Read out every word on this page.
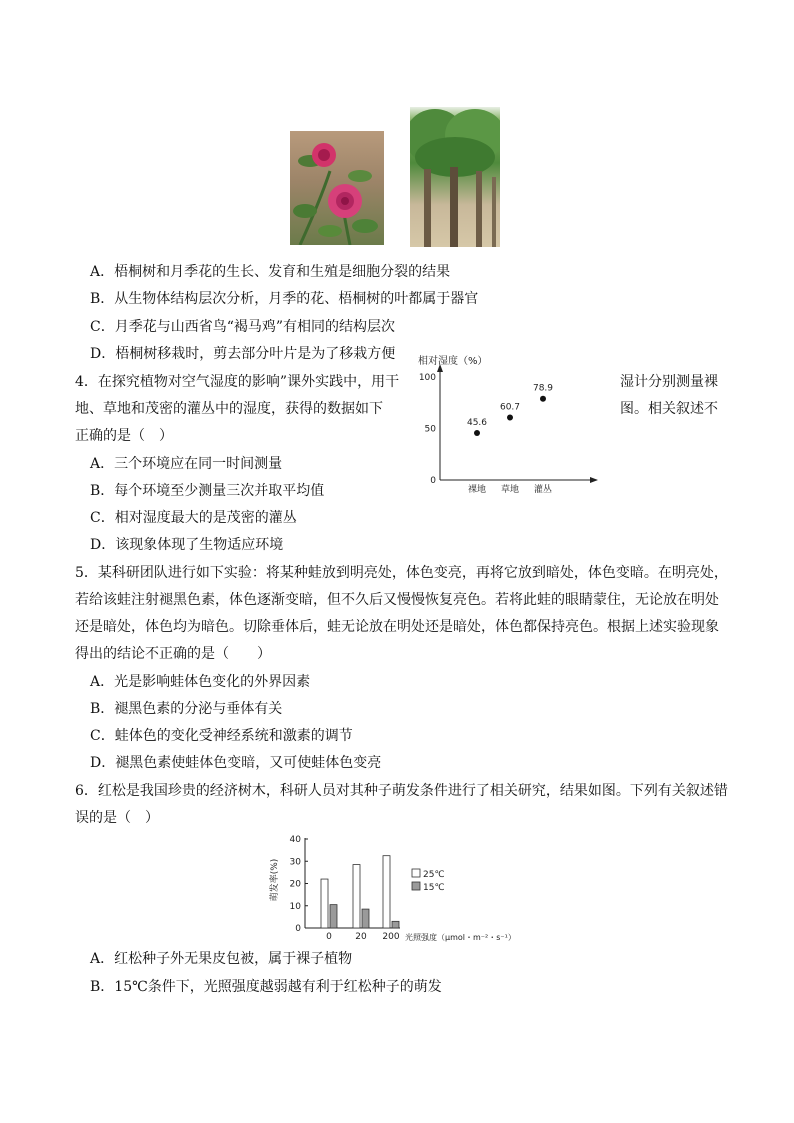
A．梧桐树和月季花的生长、发育和生殖是细胞分裂的结果
B．从生物体结构层次分析，月季的花、梧桐树的叶都属于器官
C．月季花与山西省鸟“褐马鸡”有相同的结构层次
D．梧桐树移栽时，剪去部分叶片是为了移栽方便
4．在探究植物对空气湿度的影响”课外实践中，用干
地、草地和茂密的灌丛中的湿度，获得的数据如下
正确的是（　）
湿计分别测量裸
图。相关叙述不
相对湿度（%）
0
50
100
裸地
45.6
草地
60.7
灌丛
78.9
A．三个环境应在同一时间测量
B．每个环境至少测量三次并取平均值
C．相对湿度最大的是茂密的灌丛
D．该现象体现了生物适应环境
5．某科研团队进行如下实验：将某种蛙放到明亮处，体色变亮，再将它放到暗处，体色变暗。在明亮处，
若给该蛙注射褪黑色素，体色逐渐变暗，但不久后又慢慢恢复亮色。若将此蛙的眼睛蒙住，无论放在明处
还是暗处，体色均为暗色。切除垂体后，蛙无论放在明处还是暗处，体色都保持亮色。根据上述实验现象
得出的结论不正确的是（　　）
A．光是影响蛙体色变化的外界因素
B．褪黑色素的分泌与垂体有关
C．蛙体色的变化受神经系统和激素的调节
D．褪黑色素使蛙体色变暗，又可使蛙体色变亮
6．红松是我国珍贵的经济树木，科研人员对其种子萌发条件进行了相关研究，结果如图。下列有关叙述错
误的是（　）
0
10
20
30
40
萌发率(%)
0	20 200 光照强度（μmol・m⁻²・s⁻¹）
25℃
15℃
A．红松种子外无果皮包被，属于裸子植物
B．15℃条件下，光照强度越弱越有利于红松种子的萌发
